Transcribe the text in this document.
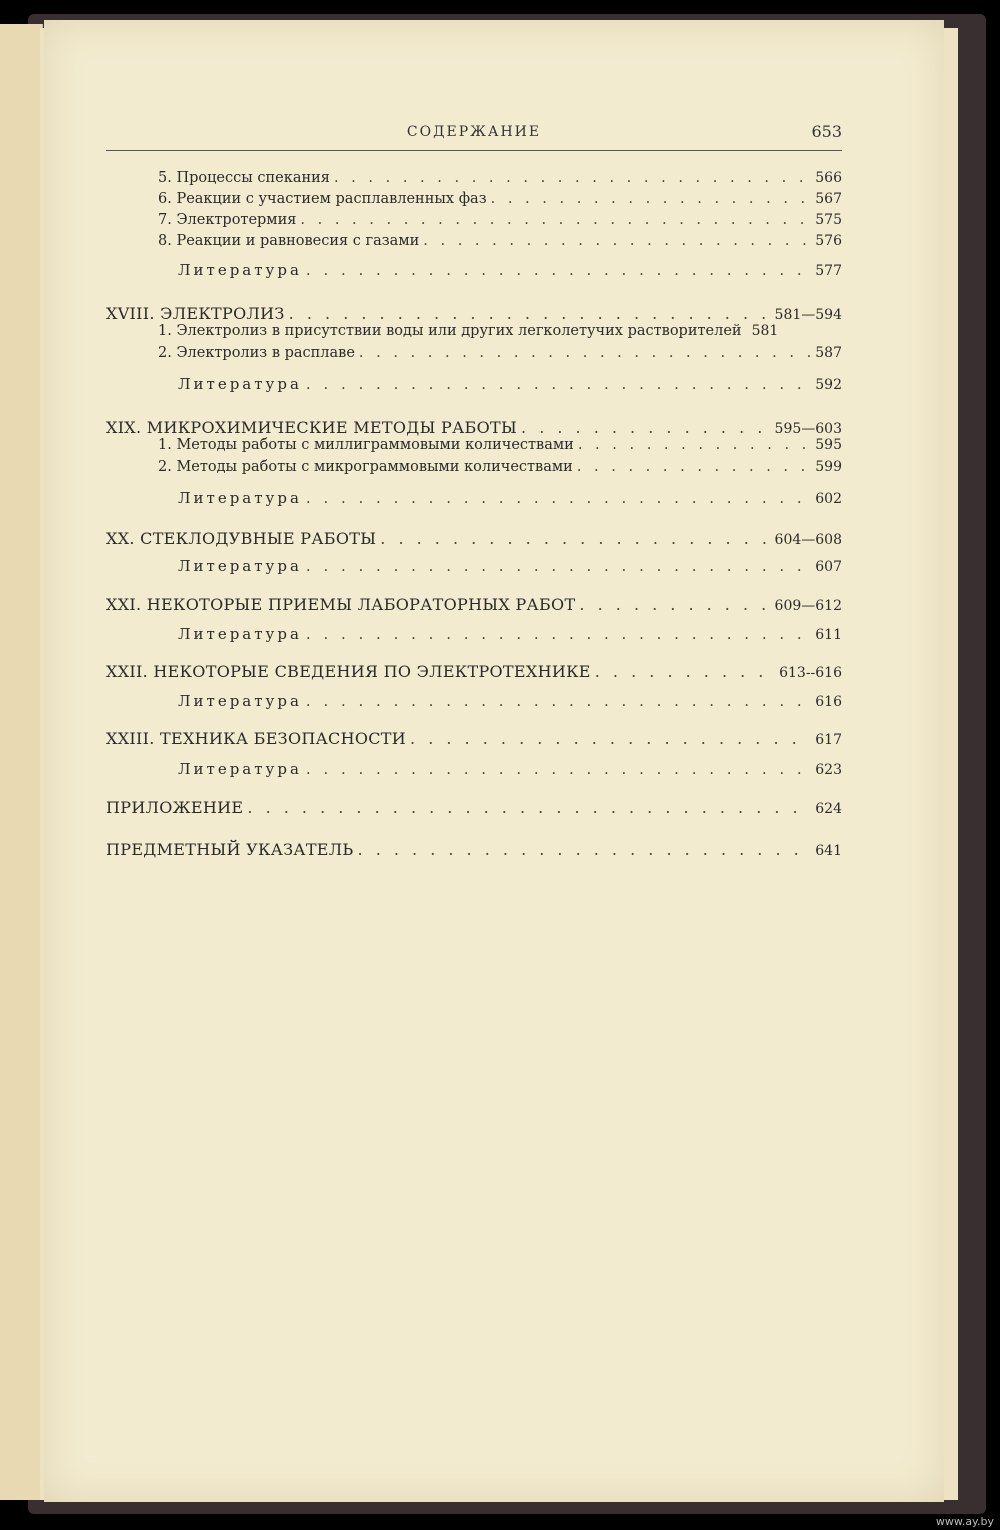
СОДЕРЖАНИЕ	653
5. Процессы спекания . . .	566
6. Реакции с участием расплавленных фаз . . .	567
7. Электротермия . . .	575
8. Реакции и равновесия с газами . . .	576
Литература . . .	577
XVIII. ЭЛЕКТРОЛИЗ . . .	581—594
1. Электролиз в присутствии воды или других легколетучих растворителей 581
2. Электролиз в расплаве . . .	587
Литература . . .	592
XIX. МИКРОХИМИЧЕСКИЕ МЕТОДЫ РАБОТЫ . . .	595—603
1. Методы работы с миллиграммовыми количествами . . .	595
2. Методы работы с микрограммовыми количествами . . .	599
Литература . . .	602
XX. СТЕКЛОДУВНЫЕ РАБОТЫ . . .	604—608
Литература . . .	607
XXI. НЕКОТОРЫЕ ПРИЕМЫ ЛАБОРАТОРНЫХ РАБОТ . . .	609—612
Литература . . .	611
XXII. НЕКОТОРЫЕ СВЕДЕНИЯ ПО ЭЛЕКТРОТЕХНИКЕ . . .	613--616
Литература . . .	616
XXIII. ТЕХНИКА БЕЗОПАСНОСТИ . . .	617
Литература . . .	623
ПРИЛОЖЕНИЕ . . .	624
ПРЕДМЕТНЫЙ УКАЗАТЕЛЬ . . .	641
www.ay.by
